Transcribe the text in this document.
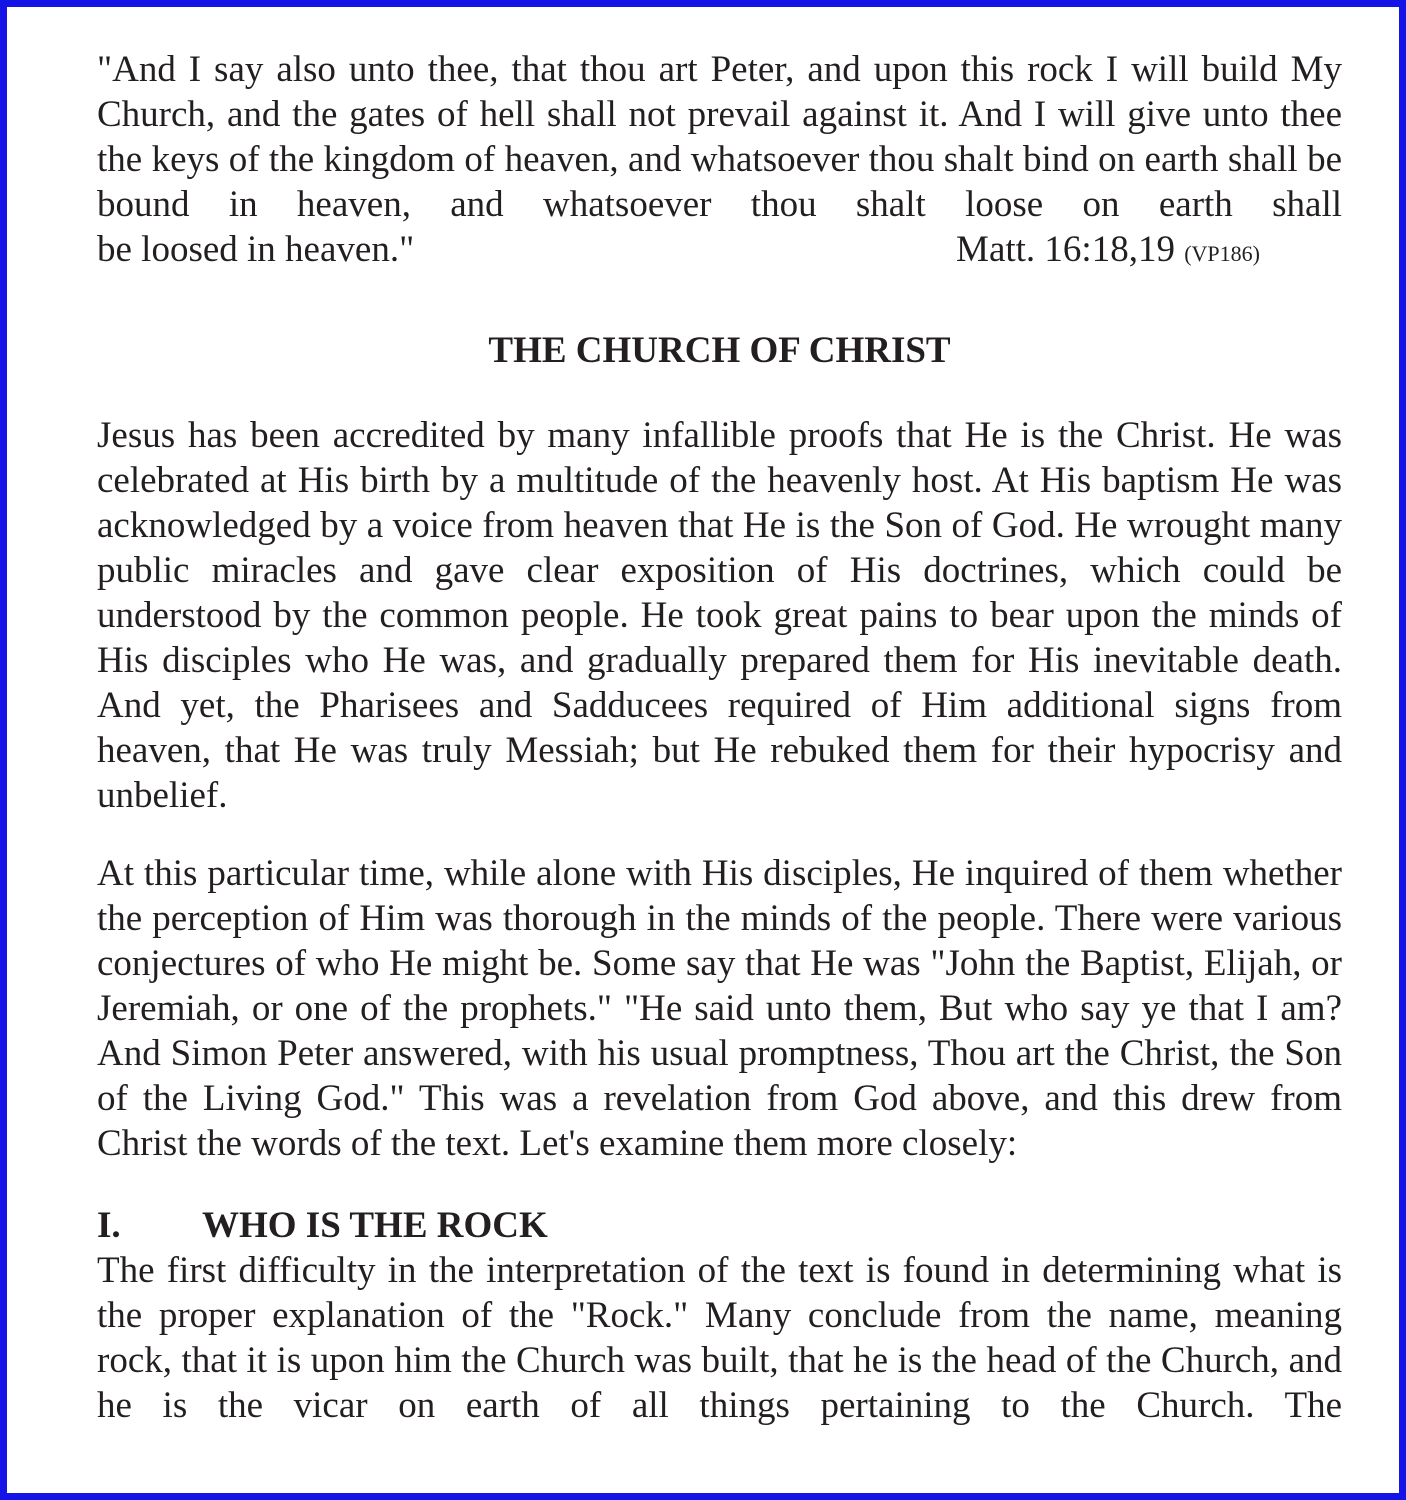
"And I say also unto thee, that thou art Peter, and upon this rock I will build My Church, and the gates of hell shall not prevail against it. And I will give unto thee the keys of the kingdom of heaven, and whatsoever thou shalt bind on earth shall be bound in heaven, and whatsoever thou shalt loose on earth shall

be loosed in heaven."	Matt. 16:18,19 (VP186)
THE CHURCH OF CHRIST

Jesus has been accredited by many infallible proofs that He is the Christ. He was celebrated at His birth by a multitude of the heavenly host. At His baptism He was acknowledged by a voice from heaven that He is the Son of God. He wrought many public miracles and gave clear exposition of His doctrines, which could be understood by the common people. He took great pains to bear upon the minds of His disciples who He was, and gradually prepared them for His inevitable death. And yet, the Pharisees and Sadducees required of Him additional signs from heaven, that He was truly Messiah; but He rebuked them for their hypocrisy and unbelief.

At this particular time, while alone with His disciples, He inquired of them whether the perception of Him was thorough in the minds of the people. There were various conjectures of who He might be. Some say that He was "John the Baptist, Elijah, or Jeremiah, or one of the prophets." "He said unto them, But who say ye that I am? And Simon Peter answered, with his usual promptness, Thou art the Christ, the Son of the Living God." This was a revelation from God above, and this drew from Christ the words of the text. Let's examine them more closely:

I.	WHO IS THE ROCK

The first difficulty in the interpretation of the text is found in determining what is the proper explanation of the "Rock." Many conclude from the name, meaning rock, that it is upon him the Church was built, that he is the head of the Church, and he is the vicar on earth of all things pertaining to the Church. The
